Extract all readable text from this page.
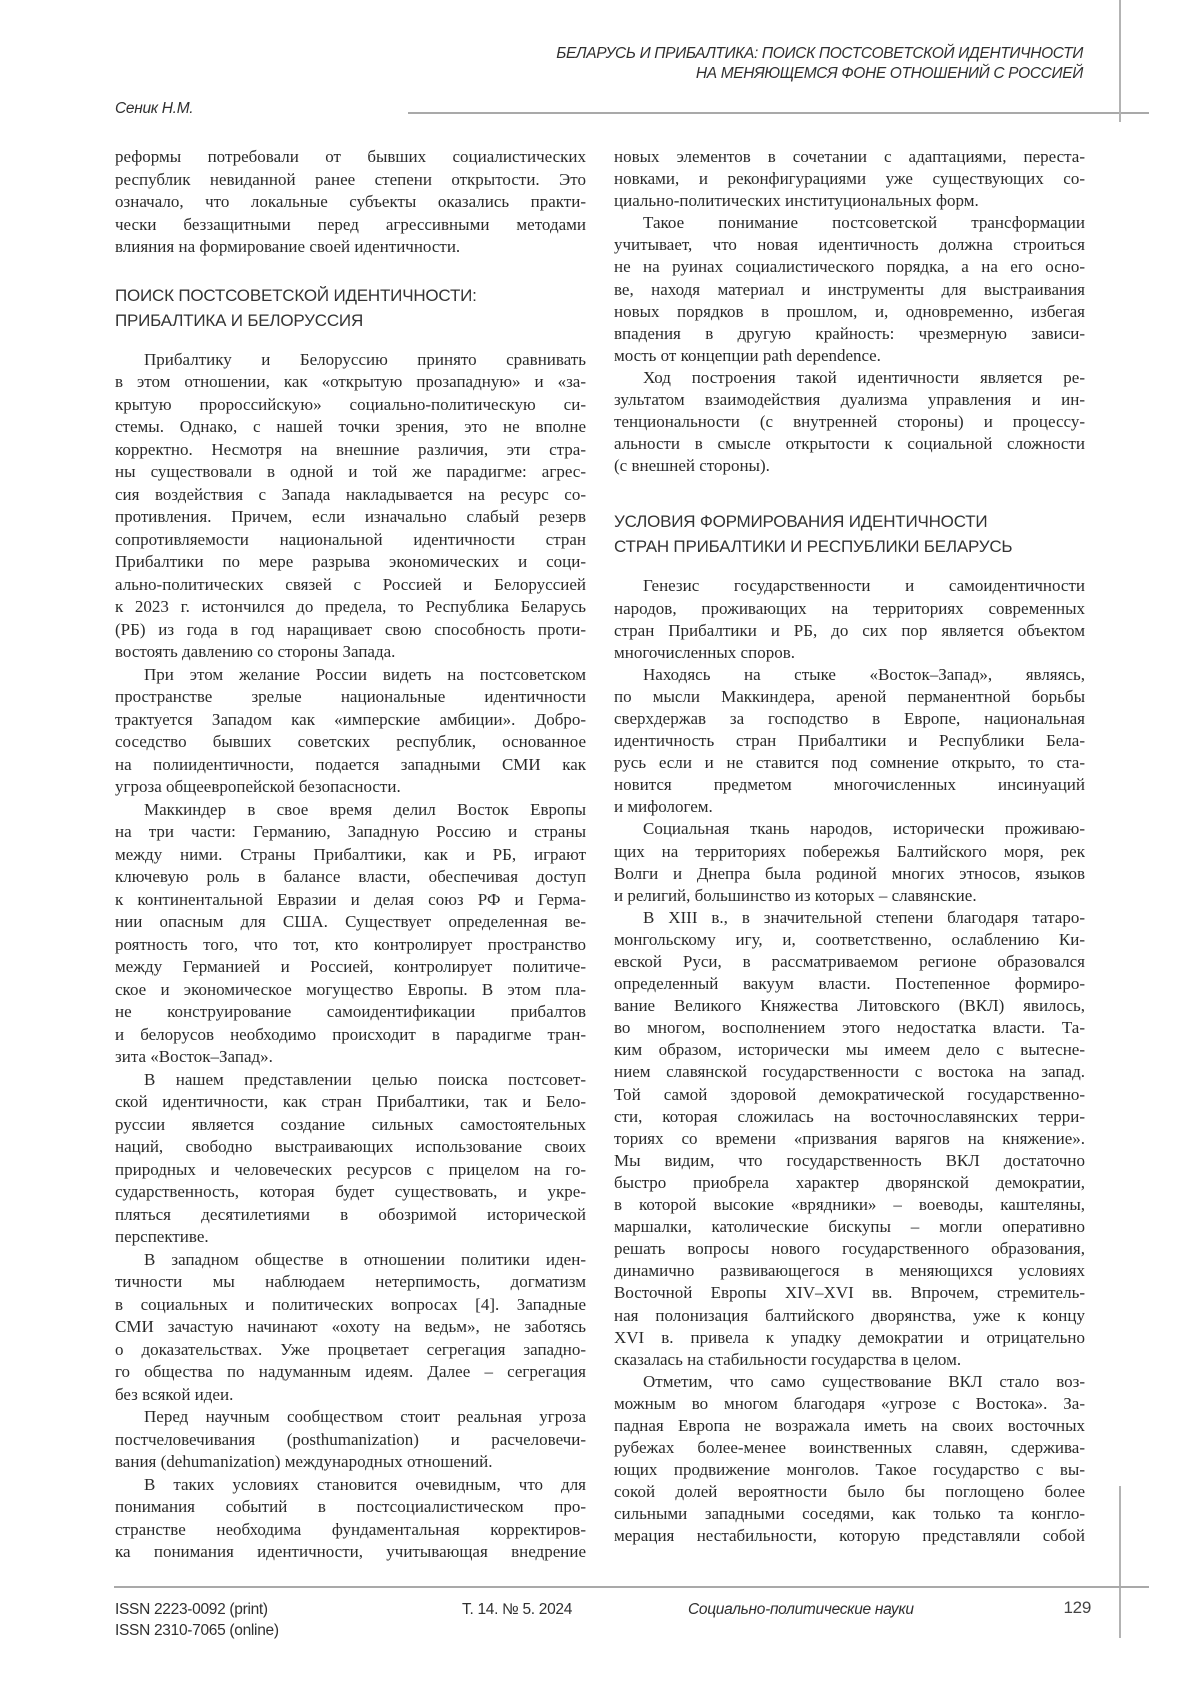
БЕЛАРУСЬ И ПРИБАЛТИКА: ПОИСК ПОСТСОВЕТСКОЙ ИДЕНТИЧНОСТИ
НА МЕНЯЮЩЕМСЯ ФОНЕ ОТНОШЕНИЙ С РОССИЕЙ
Сеник Н.М.
реформы потребовали от бывших социалистических
республик невиданной ранее степени открытости. Это
означало, что локальные субъекты оказались практи-
чески беззащитными перед агрессивными методами
влияния на формирование своей идентичности.
ПОИСК ПОСТСОВЕТСКОЙ ИДЕНТИЧНОСТИ:
ПРИБАЛТИКА И БЕЛОРУССИЯ
Прибалтику и Белоруссию принято сравнивать
в этом отношении, как «открытую прозападную» и «за-
крытую пророссийскую» социально-политическую си-
стемы. Однако, с нашей точки зрения, это не вполне
корректно. Несмотря на внешние различия, эти стра-
ны существовали в одной и той же парадигме: агрес-
сия воздействия с Запада накладывается на ресурс со-
противления. Причем, если изначально слабый резерв
сопротивляемости национальной идентичности стран
Прибалтики по мере разрыва экономических и соци-
ально-политических связей с Россией и Белоруссией
к 2023 г. истончился до предела, то Республика Беларусь
(РБ) из года в год наращивает свою способность проти-
востоять давлению со стороны Запада.
При этом желание России видеть на постсоветском
пространстве зрелые национальные идентичности
трактуется Западом как «имперские амбиции». Добро-
соседство бывших советских республик, основанное
на полиидентичности, подается западными СМИ как
угроза общеевропейской безопасности.
Маккиндер в свое время делил Восток Европы
на три части: Германию, Западную Россию и страны
между ними. Страны Прибалтики, как и РБ, играют
ключевую роль в балансе власти, обеспечивая доступ
к континентальной Евразии и делая союз РФ и Герма-
нии опасным для США. Существует определенная ве-
роятность того, что тот, кто контролирует пространство
между Германией и Россией, контролирует политиче-
ское и экономическое могущество Европы. В этом пла-
не конструирование самоидентификации прибалтов
и белорусов необходимо происходит в парадигме тран-
зита «Восток–Запад».
В нашем представлении целью поиска постсовет-
ской идентичности, как стран Прибалтики, так и Бело-
руссии является создание сильных самостоятельных
наций, свободно выстраивающих использование своих
природных и человеческих ресурсов с прицелом на го-
сударственность, которая будет существовать, и укре-
пляться десятилетиями в обозримой исторической
перспективе.
В западном обществе в отношении политики иден-
тичности мы наблюдаем нетерпимость, догматизм
в социальных и политических вопросах [4]. Западные
СМИ зачастую начинают «охоту на ведьм», не заботясь
о доказательствах. Уже процветает сегрегация западно-
го общества по надуманным идеям. Далее – сегрегация
без всякой идеи.
Перед научным сообществом стоит реальная угроза
постчеловечивания (posthumanization) и расчеловечи-
вания (dehumanization) международных отношений.
В таких условиях становится очевидным, что для
понимания событий в постсоциалистическом про-
странстве необходима фундаментальная корректиров-
ка понимания идентичности, учитывающая внедрение
новых элементов в сочетании с адаптациями, переста-
новками, и реконфигурациями уже существующих со-
циально-политических институциональных форм.
Такое понимание постсоветской трансформации
учитывает, что новая идентичность должна строиться
не на руинах социалистического порядка, а на его осно-
ве, находя материал и инструменты для выстраивания
новых порядков в прошлом, и, одновременно, избегая
впадения в другую крайность: чрезмерную зависи-
мость от концепции path dependence.
Ход построения такой идентичности является ре-
зультатом взаимодействия дуализма управления и ин-
тенциональности (с внутренней стороны) и процессу-
альности в смысле открытости к социальной сложности
(с внешней стороны).
УСЛОВИЯ ФОРМИРОВАНИЯ ИДЕНТИЧНОСТИ
СТРАН ПРИБАЛТИКИ И РЕСПУБЛИКИ БЕЛАРУСЬ
Генезис государственности и самоидентичности
народов, проживающих на территориях современных
стран Прибалтики и РБ, до сих пор является объектом
многочисленных споров.
Находясь на стыке «Восток–Запад», являясь,
по мысли Маккиндера, ареной перманентной борьбы
сверхдержав за господство в Европе, национальная
идентичность стран Прибалтики и Республики Бела-
русь если и не ставится под сомнение открыто, то ста-
новится предметом многочисленных инсинуаций
и мифологем.
Социальная ткань народов, исторически проживаю-
щих на территориях побережья Балтийского моря, рек
Волги и Днепра была родиной многих этносов, языков
и религий, большинство из которых – славянские.
В XIII в., в значительной степени благодаря татаро-
монгольскому игу, и, соответственно, ослаблению Ки-
евской Руси, в рассматриваемом регионе образовался
определенный вакуум власти. Постепенное формиро-
вание Великого Княжества Литовского (ВКЛ) явилось,
во многом, восполнением этого недостатка власти. Та-
ким образом, исторически мы имеем дело с вытесне-
нием славянской государственности с востока на запад.
Той самой здоровой демократической государственно-
сти, которая сложилась на восточнославянских терри-
ториях со времени «призвания варягов на княжение».
Мы видим, что государственность ВКЛ достаточно
быстро приобрела характер дворянской демократии,
в которой высокие «врядники» – воеводы, каштеляны,
маршалки, католические бискупы – могли оперативно
решать вопросы нового государственного образования,
динамично развивающегося в меняющихся условиях
Восточной Европы XIV–XVI вв. Впрочем, стремитель-
ная полонизация балтийского дворянства, уже к концу
XVI в. привела к упадку демократии и отрицательно
сказалась на стабильности государства в целом.
Отметим, что само существование ВКЛ стало воз-
можным во многом благодаря «угрозе с Востока». За-
падная Европа не возражала иметь на своих восточных
рубежах более-менее воинственных славян, сдержива-
ющих продвижение монголов. Такое государство с вы-
сокой долей вероятности было бы поглощено более
сильными западными соседями, как только та конгло-
мерация нестабильности, которую представляли собой
ISSN 2223-0092 (print)
ISSN 2310-7065 (online)
Т. 14. № 5. 2024	Социально-политические науки	129
